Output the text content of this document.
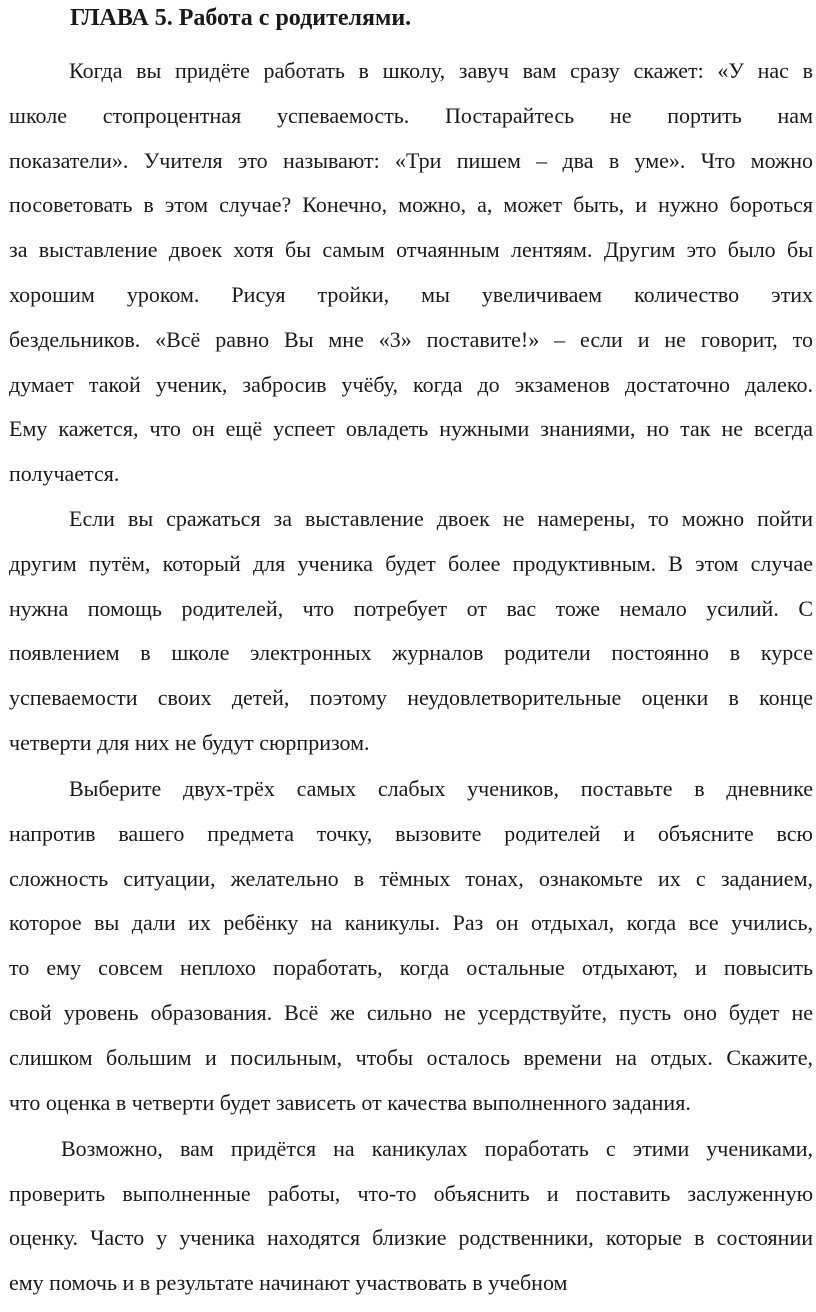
ГЛАВА 5. Работа с родителями.
Когда вы придёте работать в школу, завуч вам сразу скажет: «У нас в
школе стопроцентная успеваемость. Постарайтесь не портить нам
показатели». Учителя это называют: «Три пишем – два в уме». Что можно
посоветовать в этом случае? Конечно, можно, а, может быть, и нужно бороться
за выставление двоек хотя бы самым отчаянным лентяям. Другим это было бы
хорошим уроком. Рисуя тройки, мы увеличиваем количество этих
бездельников. «Всё равно Вы мне «3» поставите!» – если и не говорит, то
думает такой ученик, забросив учёбу, когда до экзаменов достаточно далеко.
Ему кажется, что он ещё успеет овладеть нужными знаниями, но так не всегда
получается.
Если вы сражаться за выставление двоек не намерены, то можно пойти
другим путём, который для ученика будет более продуктивным. В этом случае
нужна помощь родителей, что потребует от вас тоже немало усилий. С
появлением в школе электронных журналов родители постоянно в курсе
успеваемости своих детей, поэтому неудовлетворительные оценки в конце
четверти для них не будут сюрпризом.
Выберите двух-трёх самых слабых учеников, поставьте в дневнике
напротив вашего предмета точку, вызовите родителей и объясните всю
сложность ситуации, желательно в тёмных тонах, ознакомьте их с заданием,
которое вы дали их ребёнку на каникулы. Раз он отдыхал, когда все учились,
то ему совсем неплохо поработать, когда остальные отдыхают, и повысить
свой уровень образования. Всё же сильно не усердствуйте, пусть оно будет не
слишком большим и посильным, чтобы осталось времени на отдых. Скажите,
что оценка в четверти будет зависеть от качества выполненного задания.
Возможно, вам придётся на каникулах поработать с этими учениками,
проверить выполненные работы, что-то объяснить и поставить заслуженную
оценку. Часто у ученика находятся близкие родственники, которые в состоянии
ему помочь и в результате начинают участвовать в учебном
